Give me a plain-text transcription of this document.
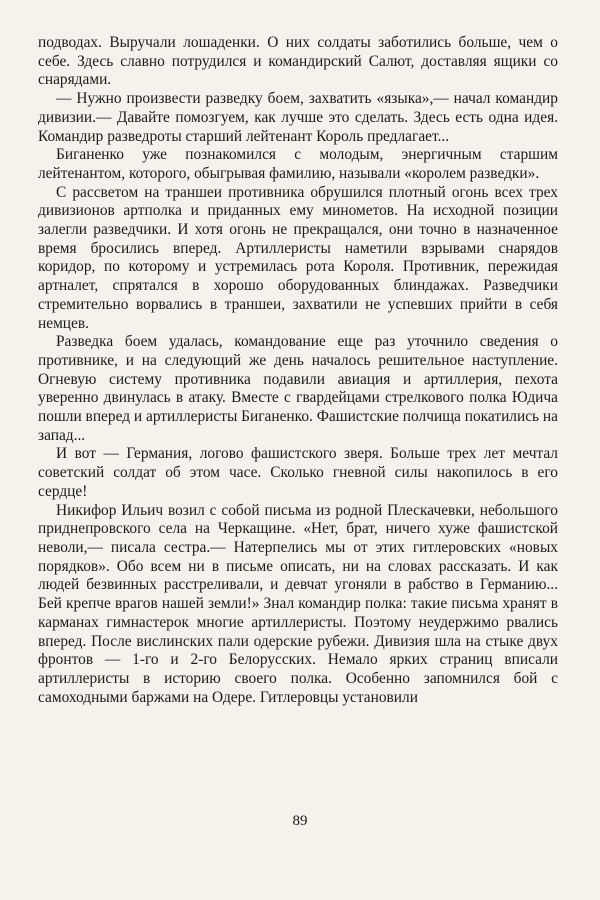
подводах. Выручали лошаденки. О них солдаты заботились больше, чем о себе. Здесь славно потрудился и командирский Салют, доставляя ящики со снарядами.

— Нужно произвести разведку боем, захватить «языка»,— начал командир дивизии.— Давайте помозгуем, как лучше это сделать. Здесь есть одна идея. Командир разведроты старший лейтенант Король предлагает...

Биганенко уже познакомился с молодым, энергичным старшим лейтенантом, которого, обыгрывая фамилию, называли «королем разведки».

С рассветом на траншеи противника обрушился плотный огонь всех трех дивизионов артполка и приданных ему минометов. На исходной позиции залегли разведчики. И хотя огонь не прекращался, они точно в назначенное время бросились вперед. Артиллеристы наметили взрывами снарядов коридор, по которому и устремилась рота Короля. Противник, пережидая артналет, спрятался в хорошо оборудованных блиндажах. Разведчики стремительно ворвались в траншеи, захватили не успевших прийти в себя немцев.

Разведка боем удалась, командование еще раз уточнило сведения о противнике, и на следующий же день началось решительное наступление. Огневую систему противника подавили авиация и артиллерия, пехота уверенно двинулась в атаку. Вместе с гвардейцами стрелкового полка Юдича пошли вперед и артиллеристы Биганенко. Фашистские полчища покатились на запад...

И вот — Германия, логово фашистского зверя. Больше трех лет мечтал советский солдат об этом часе. Сколько гневной силы накопилось в его сердце!

Никифор Ильич возил с собой письма из родной Плескачевки, небольшого приднепровского села на Черкащине. «Нет, брат, ничего хуже фашистской неволи,— писала сестра.— Натерпелись мы от этих гитлеровских «новых порядков». Обо всем ни в письме описать, ни на словах рассказать. И как людей безвинных расстреливали, и девчат угоняли в рабство в Германию... Бей крепче врагов нашей земли!» Знал командир полка: такие письма хранят в карманах гимнастерок многие артиллеристы. Поэтому неудержимо рвались вперед. После вислинских пали одерские рубежи. Дивизия шла на стыке двух фронтов — 1-го и 2-го Белорусских. Немало ярких страниц вписали артиллеристы в историю своего полка. Особенно запомнился бой с самоходными баржами на Одере. Гитлеровцы установили

89
